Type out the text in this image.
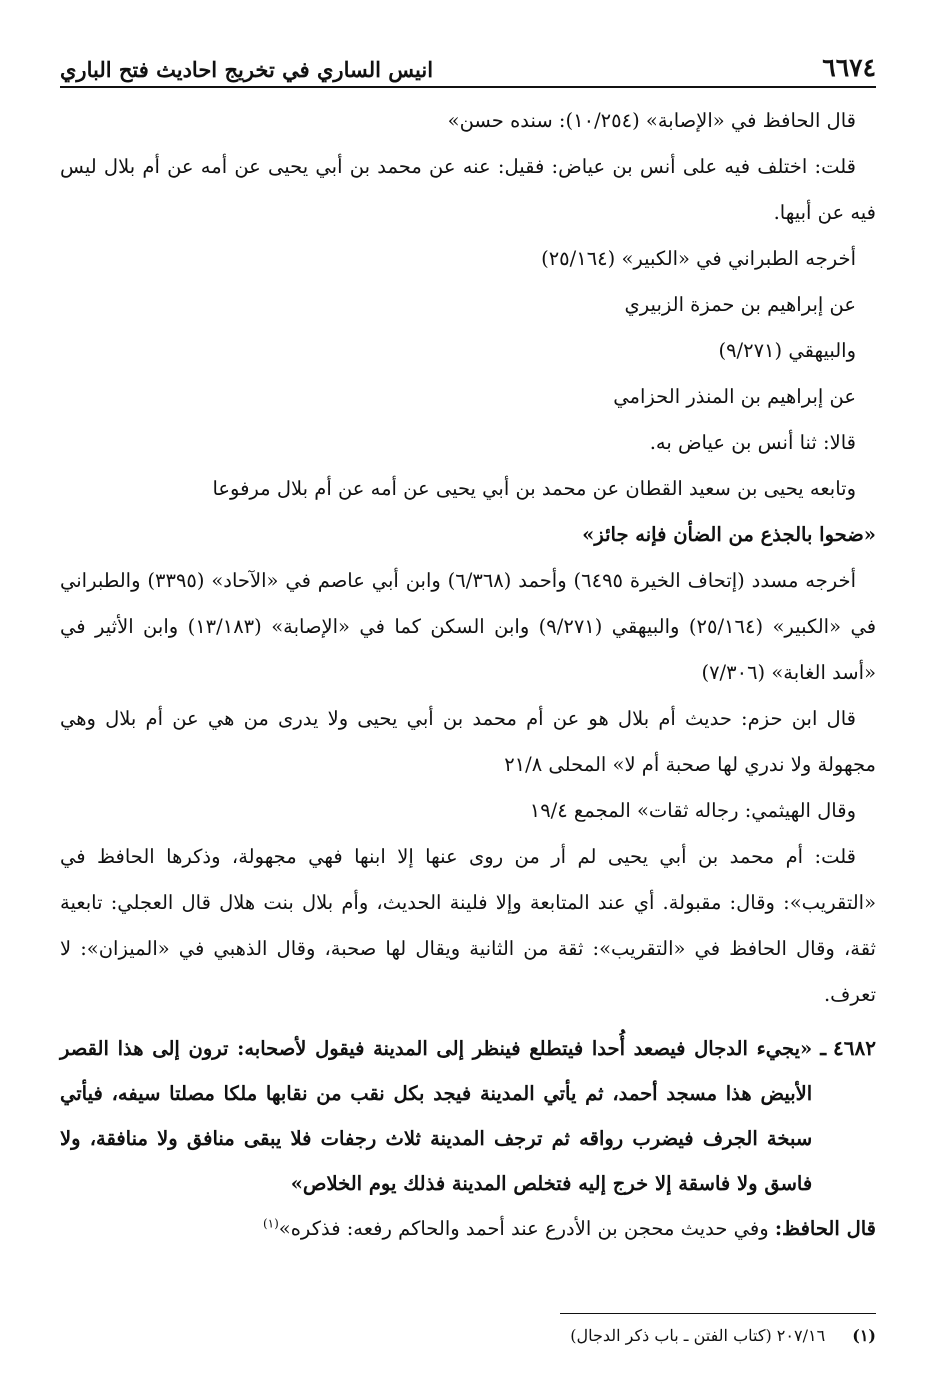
٦٦٧٤
انيس الساري في تخريج احاديث فتح الباري
قال الحافظ في «الإصابة» (١٠/٢٥٤): سنده حسن»
قلت: اختلف فيه على أنس بن عياض: فقيل: عنه عن محمد بن أبي يحيى عن أمه عن أم بلال ليس فيه عن أبيها.
أخرجه الطبراني في «الكبير» (٢٥/١٦٤)
عن إبراهيم بن حمزة الزبيري
والبيهقي (٩/٢٧١)
عن إبراهيم بن المنذر الحزامي
قالا: ثنا أنس بن عياض به.
وتابعه يحيى بن سعيد القطان عن محمد بن أبي يحيى عن أمه عن أم بلال مرفوعا
«ضحوا بالجذع من الضأن فإنه جائز»
أخرجه مسدد (إتحاف الخيرة ٦٤٩٥) وأحمد (٦/٣٦٨) وابن أبي عاصم في «الآحاد» (٣٣٩٥) والطبراني في «الكبير» (٢٥/١٦٤) والبيهقي (٩/٢٧١) وابن السكن كما في «الإصابة» (١٣/١٨٣) وابن الأثير في «أسد الغابة» (٧/٣٠٦)
قال ابن حزم: حديث أم بلال هو عن أم محمد بن أبي يحيى ولا يدرى من هي عن أم بلال وهي مجهولة ولا ندري لها صحبة أم لا» المحلى ٢١/٨
وقال الهيثمي: رجاله ثقات» المجمع ١٩/٤
قلت: أم محمد بن أبي يحيى لم أر من روى عنها إلا ابنها فهي مجهولة، وذكرها الحافظ في «التقريب»: وقال: مقبولة. أي عند المتابعة وإلا فلينة الحديث، وأم بلال بنت هلال قال العجلي: تابعية ثقة، وقال الحافظ في «التقريب»: ثقة من الثانية ويقال لها صحبة، وقال الذهبي في «الميزان»: لا تعرف.
٤٦٨٢ ـ
«يجيء الدجال فيصعد أُحدا فيتطلع فينظر إلى المدينة فيقول لأصحابه: ترون إلى هذا القصر الأبيض هذا مسجد أحمد، ثم يأتي المدينة فيجد بكل نقب من نقابها ملكا مصلتا سيفه، فيأتي سبخة الجرف فيضرب رواقه ثم ترجف المدينة ثلاث رجفات فلا يبقى منافق ولا منافقة، ولا فاسق ولا فاسقة إلا خرج إليه فتخلص المدينة فذلك يوم الخلاص»
قال الحافظ: وفي حديث محجن بن الأدرع عند أحمد والحاكم رفعه: فذكره»$^{(١)}$
(١) ٢٠٧/١٦ (كتاب الفتن ـ باب ذكر الدجال)
